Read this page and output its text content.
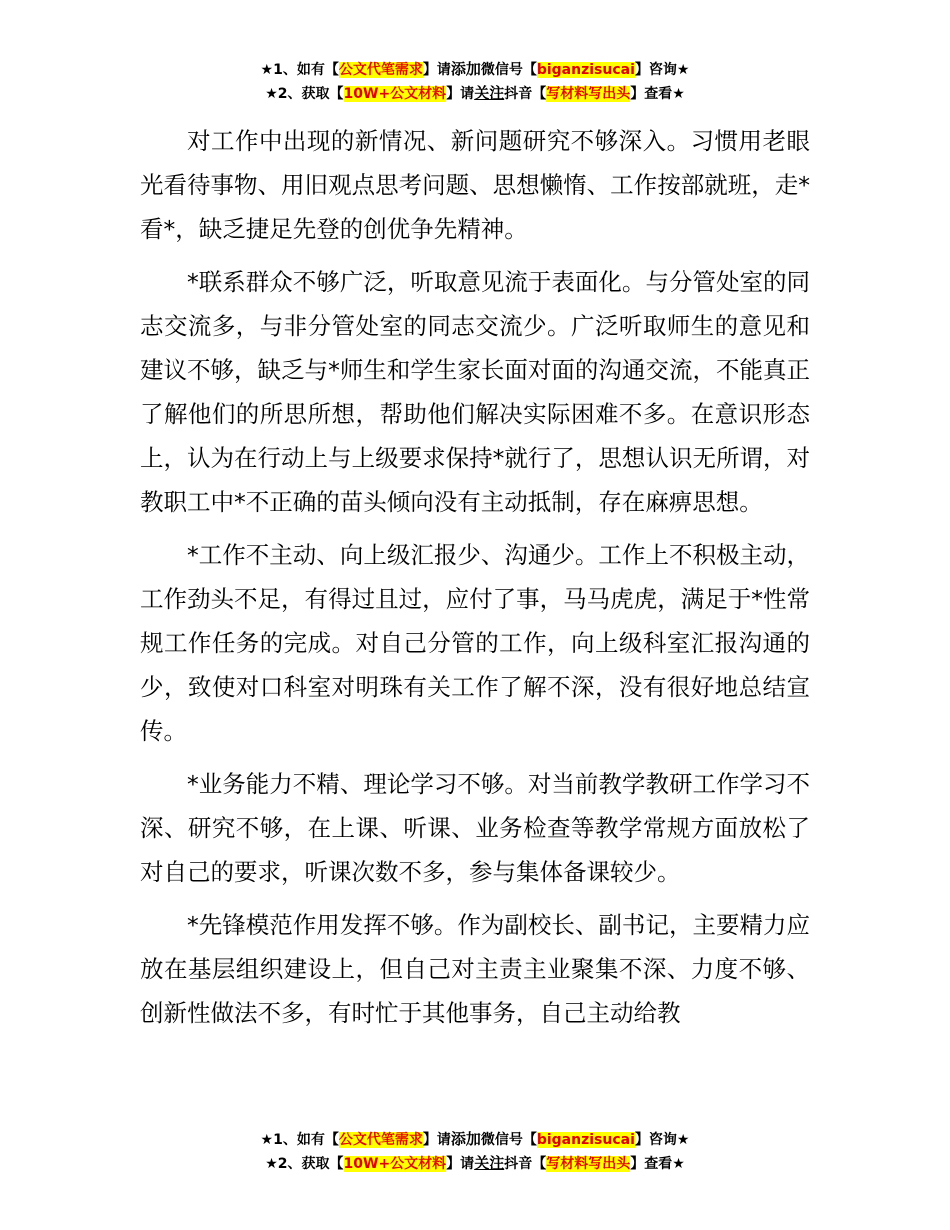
★1、如有【公文代笔需求】请添加微信号【biganzisucai】咨询★
★2、获取【10W+公文材料】请关注抖音【写材料写出头】查看★

对工作中出现的新情况、新问题研究不够深入。习惯用老眼光看待事物、用旧观点思考问题、思想懒惰、工作按部就班，走*看*，缺乏捷足先登的创优争先精神。

*联系群众不够广泛，听取意见流于表面化。与分管处室的同志交流多，与非分管处室的同志交流少。广泛听取师生的意见和建议不够，缺乏与*师生和学生家长面对面的沟通交流，不能真正了解他们的所思所想，帮助他们解决实际困难不多。在意识形态上，认为在行动上与上级要求保持*就行了，思想认识无所谓，对教职工中*不正确的苗头倾向没有主动抵制，存在麻痹思想。

*工作不主动、向上级汇报少、沟通少。工作上不积极主动，工作劲头不足，有得过且过，应付了事，马马虎虎，满足于*性常规工作任务的完成。对自己分管的工作，向上级科室汇报沟通的少，致使对口科室对明珠有关工作了解不深，没有很好地总结宣传。

*业务能力不精、理论学习不够。对当前教学教研工作学习不深、研究不够，在上课、听课、业务检查等教学常规方面放松了对自己的要求，听课次数不多，参与集体备课较少。

*先锋模范作用发挥不够。作为副校长、副书记，主要精力应放在基层组织建设上，但自己对主责主业聚集不深、力度不够、创新性做法不多，有时忙于其他事务，自己主动给教

★1、如有【公文代笔需求】请添加微信号【biganzisucai】咨询★
★2、获取【10W+公文材料】请关注抖音【写材料写出头】查看★
